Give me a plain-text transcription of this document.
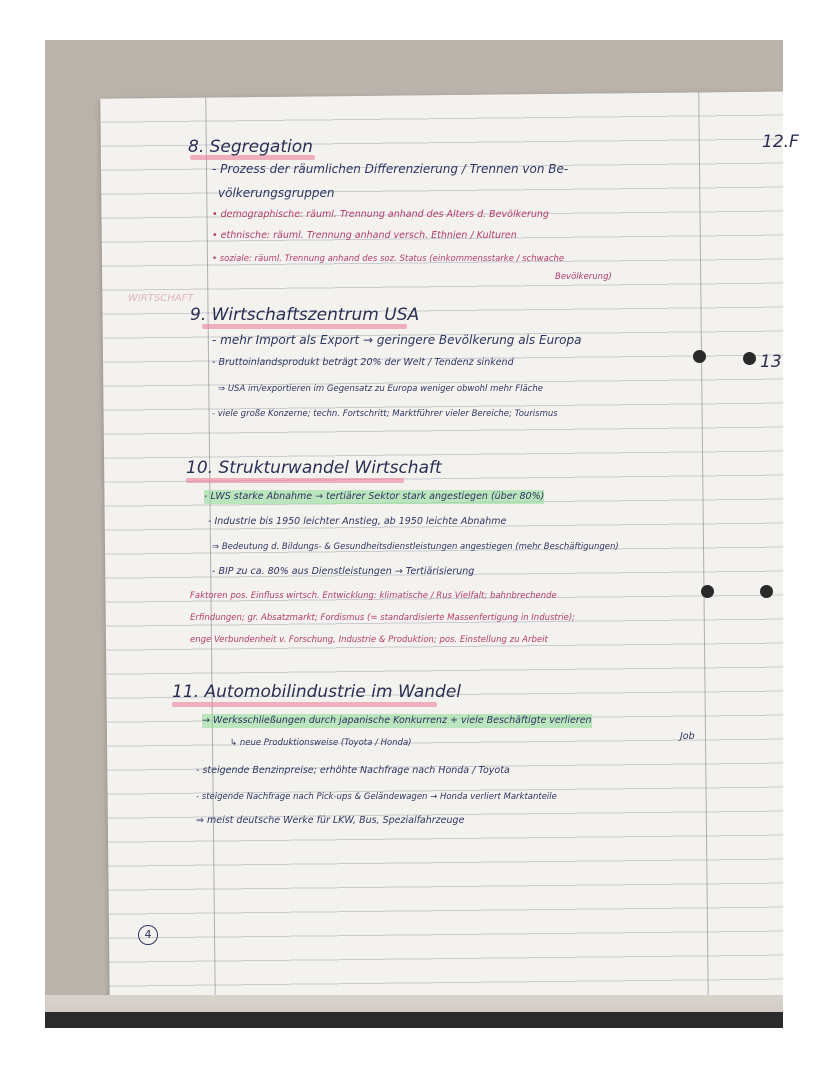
12.F
13
WIRTSCHAFT
8. Segregation
- Prozess der räumlichen Differenzierung / Trennen von Be-
völkerungsgruppen
• demographische: räuml. Trennung anhand des Alters d. Bevölkerung
• ethnische: räuml. Trennung anhand versch. Ethnien / Kulturen
• soziale: räuml. Trennung anhand des soz. Status (einkommensstarke / schwache
Bevölkerung)
9. Wirtschaftszentrum USA
- mehr Import als Export → geringere Bevölkerung als Europa
- Bruttoinlandsprodukt beträgt 20% der Welt / Tendenz sinkend
⇒ USA im/exportieren im Gegensatz zu Europa weniger obwohl mehr Fläche
- viele große Konzerne; techn. Fortschritt; Marktführer vieler Bereiche; Tourismus
10. Strukturwandel Wirtschaft
- LWS starke Abnahme → tertiärer Sektor stark angestiegen (über 80%)
- Industrie bis 1950 leichter Anstieg, ab 1950 leichte Abnahme
⇒ Bedeutung d. Bildungs- & Gesundheitsdienstleistungen angestiegen (mehr Beschäftigungen)
- BIP zu ca. 80% aus Dienstleistungen → Tertiärisierung
Faktoren pos. Einfluss wirtsch. Entwicklung: klimatische / Rus Vielfalt; bahnbrechende
Erfindungen; gr. Absatzmarkt; Fordismus (= standardisierte Massenfertigung in Industrie);
enge Verbundenheit v. Forschung, Industrie & Produktion; pos. Einstellung zu Arbeit
11. Automobilindustrie im Wandel
→ Werksschließungen durch japanische Konkurrenz + viele Beschäftigte verlieren
↳ neue Produktionsweise (Toyota / Honda)
Job
- steigende Benzinpreise; erhöhte Nachfrage nach Honda / Toyota
- steigende Nachfrage nach Pick-ups & Geländewagen → Honda verliert Marktanteile
⇒ meist deutsche Werke für LKW, Bus, Spezialfahrzeuge
4
